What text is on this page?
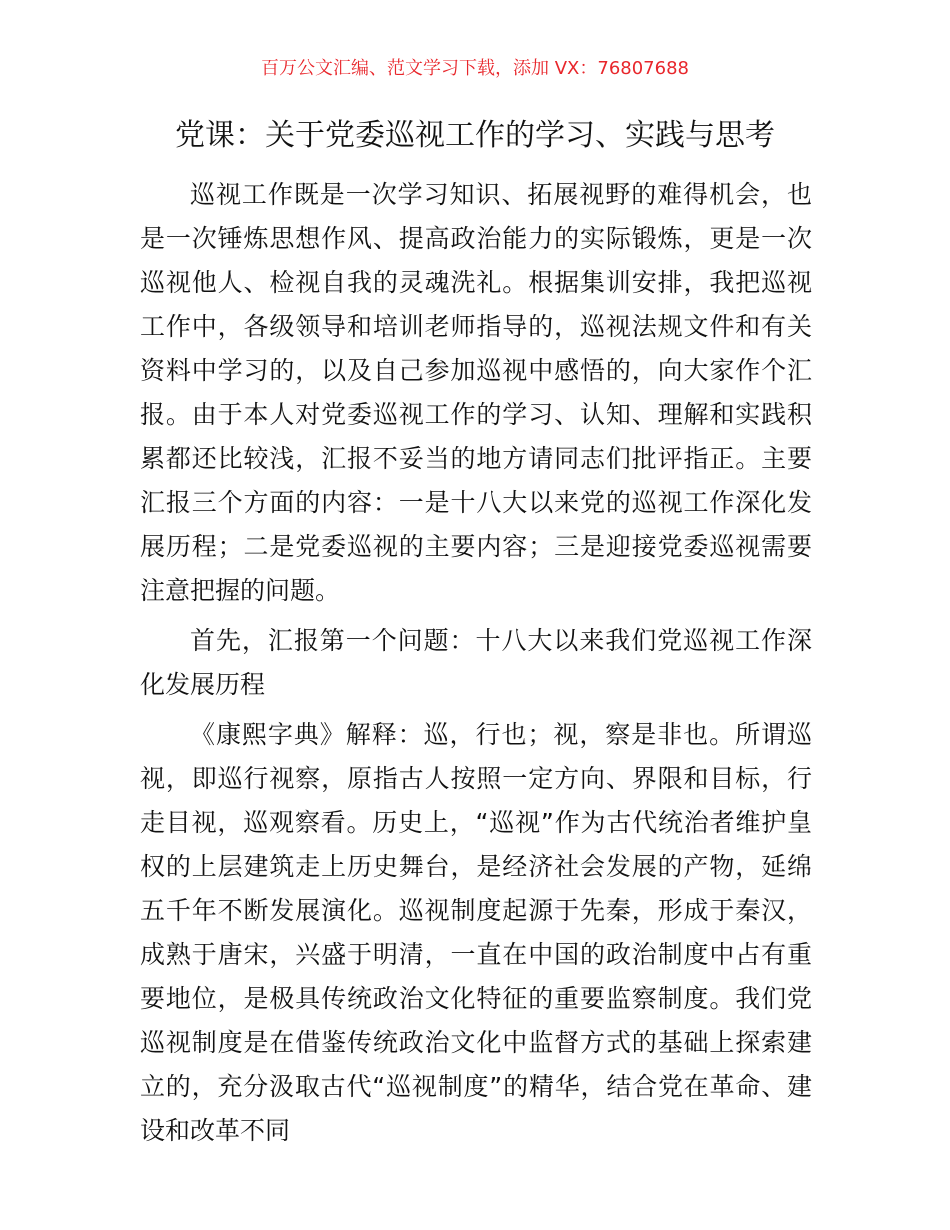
百万公文汇编、范文学习下载，添加 VX：76807688
党课：关于党委巡视工作的学习、实践与思考

巡视工作既是一次学习知识、拓展视野的难得机会，也是一次锤炼思想作风、提高政治能力的实际锻炼，更是一次巡视他人、检视自我的灵魂洗礼。根据集训安排，我把巡视工作中，各级领导和培训老师指导的，巡视法规文件和有关资料中学习的，以及自己参加巡视中感悟的，向大家作个汇报。由于本人对党委巡视工作的学习、认知、理解和实践积累都还比较浅，汇报不妥当的地方请同志们批评指正。主要汇报三个方面的内容：一是十八大以来党的巡视工作深化发展历程；二是党委巡视的主要内容；三是迎接党委巡视需要注意把握的问题。

首先，汇报第一个问题：十八大以来我们党巡视工作深化发展历程

《康熙字典》解释：巡，行也；视，察是非也。所谓巡视，即巡行视察，原指古人按照一定方向、界限和目标，行走目视，巡观察看。历史上，“巡视”作为古代统治者维护皇权的上层建筑走上历史舞台，是经济社会发展的产物，延绵五千年不断发展演化。巡视制度起源于先秦，形成于秦汉，成熟于唐宋，兴盛于明清，一直在中国的政治制度中占有重要地位，是极具传统政治文化特征的重要监察制度。我们党巡视制度是在借鉴传统政治文化中监督方式的基础上探索建立的，充分汲取古代“巡视制度”的精华，结合党在革命、建设和改革不同
